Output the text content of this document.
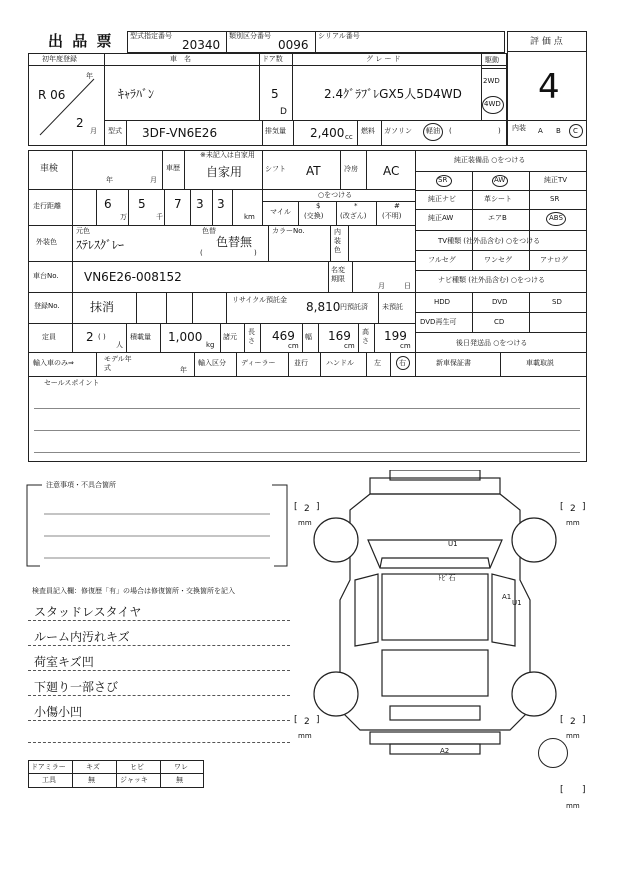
出 品 票 型式指定番号
20340
類別区分番号
0096
シリアル番号
評 価 点
4
内装 A B C
初年度登録
R 06
年
2
月
車　名
ｷｬﾗﾊﾞﾝ
ドア数
5
D
グ レ ー ド
2.4ｸﾞﾗﾌﾞﾚGX5人5D4WD
駆動
2WD
4WD
型式 3DF-VN6E26	排気量 2,400 cc
燃料 ガソリン 軽油 (	)
車検
年	月
車歴
※未記入は自家用
自家用	シフト AT	冷房 AC
走行距離	6
万
5
千
7 3 3
km
○をつける
マイル
$
(交換)
*
(改ざん)
#
(不明)
外装色
元色
ｽﾃﾚｽｸﾞﾚｰ
色替
色替無
(	)
カラーNo.	内装色
車台No. VN6E26-008152	名変期限
月	日
登録No.	抹消	リサイクル預託金 8,810 円預託済 未預託
定員	2 ( )
人
積載量 1,000
kg
諸元
長さ 469
cm
幅 169
cm
高さ 199
cm
輸入車のみ⇒	モデル年式	年
輸入区分 ディーラー	並行	ハンドル	左	右
純正装備品 ○をつける
SR	AW	純正TV
純正ナビ	革シート	SR
純正AW	エアB	ABS
TV種類 (社外品含む) ○をつける
フルセグ	ワンセグ	アナログ
ナビ種類 (社外品含む) ○をつける
HDD	DVD	SD
DVD再生可	CD
後日発送品 ○をつける
新車保証書	車載取説
セールスポイント
注意事項・不具合箇所
検査員記入欄：修復歴「有」の場合は修復箇所・交換箇所を記入
スタッドレスタイヤ
ルーム内汚れキズ
荷室キズ凹
下廻り一部さび
小傷小凹
ドアミラー	キズ	ヒビ	ワレ
工具	無	ジャッキ	無
U1
ﾄﾋﾞ石
A1
U1
A2
[ 2 ]
mm
[ 2 ]
mm
[ 2 ]
mm
[ 2 ]
mm
[ ]
mm
